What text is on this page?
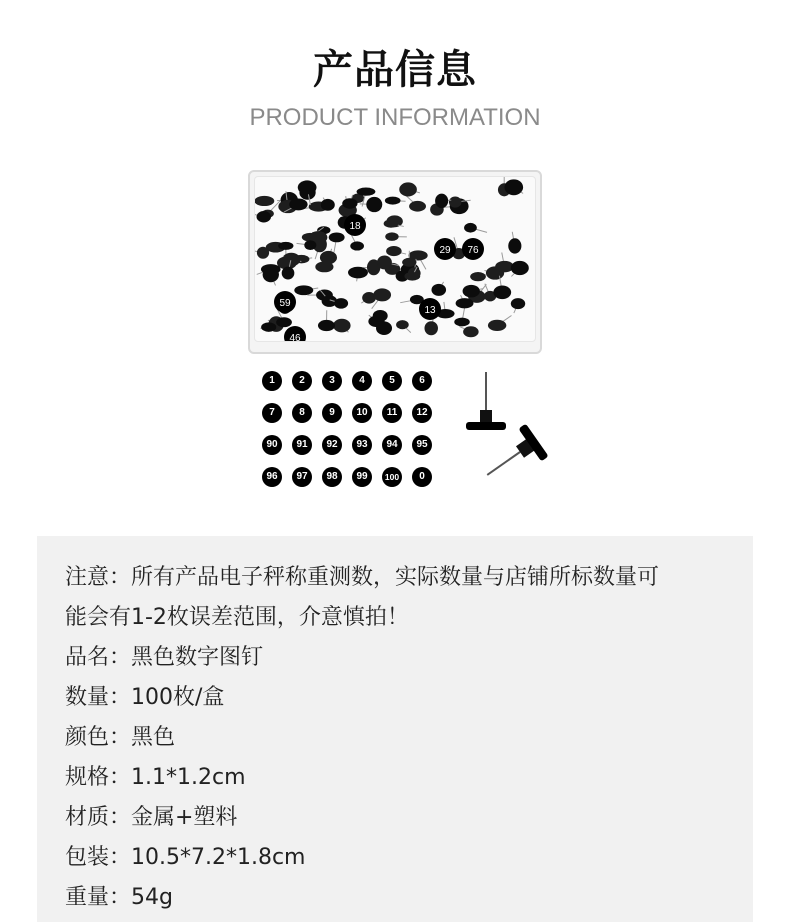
产品信息
PRODUCT INFORMATION
59
13
46
29
18
76
1	2	3	4	5	6
7	8	9	10	11	12
90	91	92	93	94	95
96	97	98	99	100	0
注意：所有产品电子秤称重测数，实际数量与店铺所标数量可
能会有1-2枚误差范围，介意慎拍！
品名：黑色数字图钉
数量：100枚/盒
颜色：黑色
规格：1.1*1.2cm
材质：金属+塑料
包装：10.5*7.2*1.8cm
重量：54g
